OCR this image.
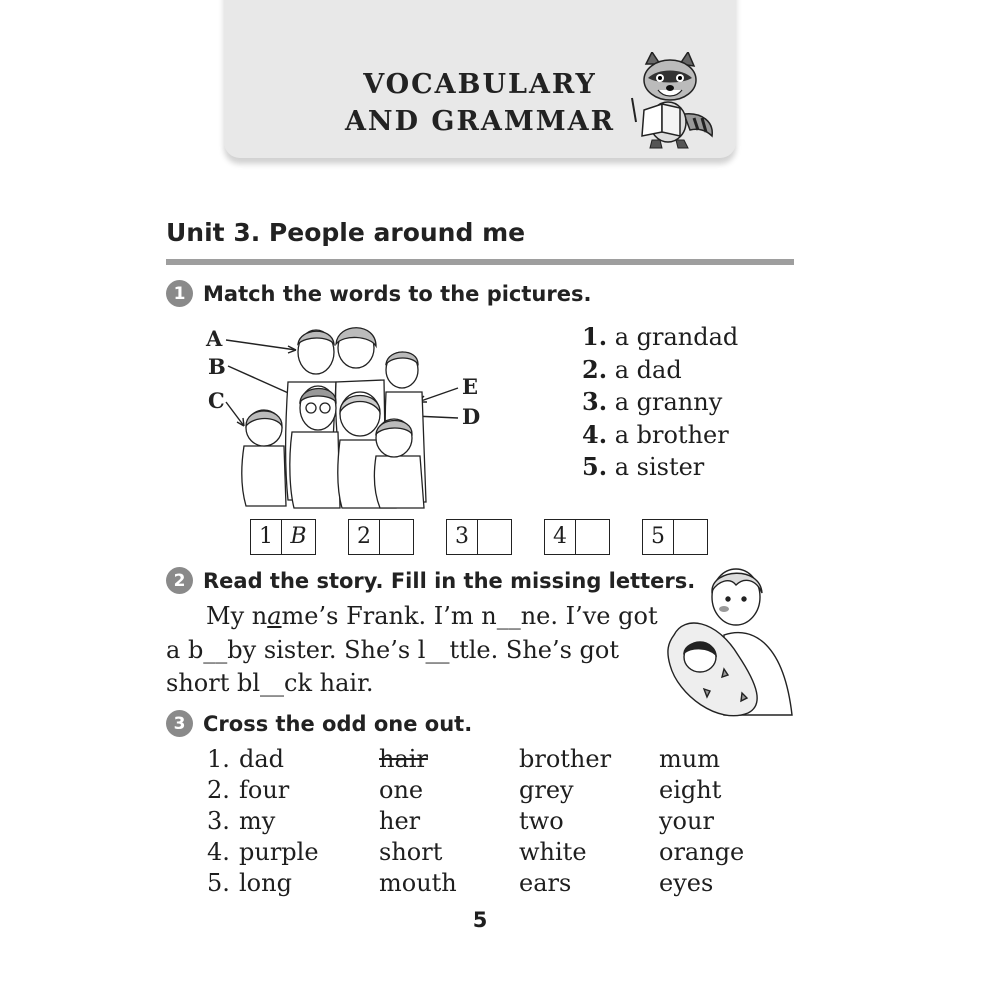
VOCABULARY
AND GRAMMAR
Unit 3. People around me
1 Match the words to the pictures.
A
B
C
D
E
1. a grandad
2. a dad
3. a granny
4. a brother
5. a sister
1 B	2	3	4	5
2 Read the story. Fill in the missing letters.
My name’s Frank. I’m n__ne. I’ve got
a b__by sister. She’s l__ttle. She’s got
short bl__ck hair.
3 Cross the odd one out.
1. dad	hair	brother	mum
2. four	one	grey	eight
3. my	her	two	your
4. purple	short	white	orange
5. long	mouth	ears	eyes
5
